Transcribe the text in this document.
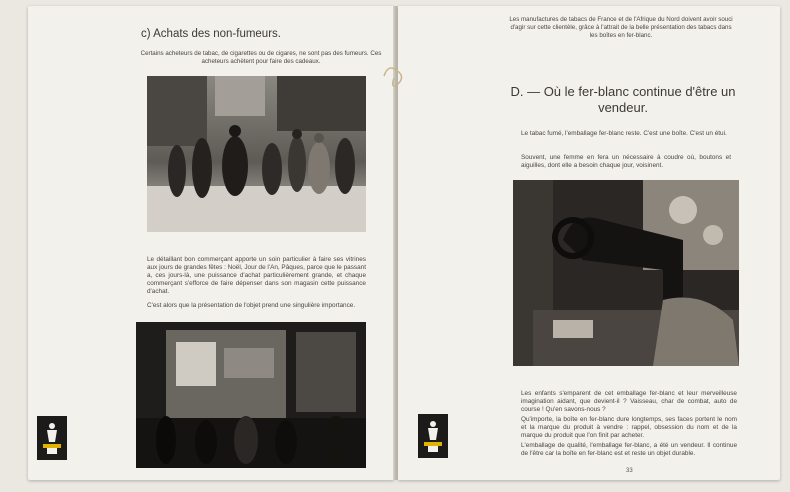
c) Achats des non-fumeurs.
Certains acheteurs de tabac, de cigarettes ou de cigares, ne sont pas des fumeurs. Ces acheteurs achètent pour faire des cadeaux.
Le détaillant bon commerçant apporte un soin particulier à faire ses vitrines aux jours de grandes fêtes : Noël, Jour de l'An, Pâques, parce que le passant a, ces jours-là, une puissance d'achat particulièrement grande, et chaque commerçant s'efforce de faire dépenser dans son magasin cette puissance d'achat.
C'est alors que la présentation de l'objet prend une singulière importance.
Les manufactures de tabacs de France et de l'Afrique du Nord doivent avoir souci d'agir sur cette clientèle, grâce à l'attrait de la belle présentation des tabacs dans les boîtes en fer-blanc.
D. — Où le fer-blanc continue d'être un vendeur.
Le tabac fumé, l'emballage fer-blanc reste. C'est une boîte. C'est un étui.
Souvent, une femme en fera un nécessaire à coudre où, boutons et aiguilles, dont elle a besoin chaque jour, voisinent.
Les enfants s'emparent de cet emballage fer-blanc et leur merveilleuse imagination aidant, que devient-il ? Vaisseau, char de combat, auto de course ! Qu'en savons-nous ?
Qu'importe, la boîte en fer-blanc dure longtemps, ses faces portent le nom et la marque du produit à vendre : rappel, obsession du nom et de la marque du produit que l'on finit par acheter.
L'emballage de qualité, l'emballage fer-blanc, a été un vendeur. Il continue de l'être car la boîte en fer-blanc est et reste un objet durable.
33
